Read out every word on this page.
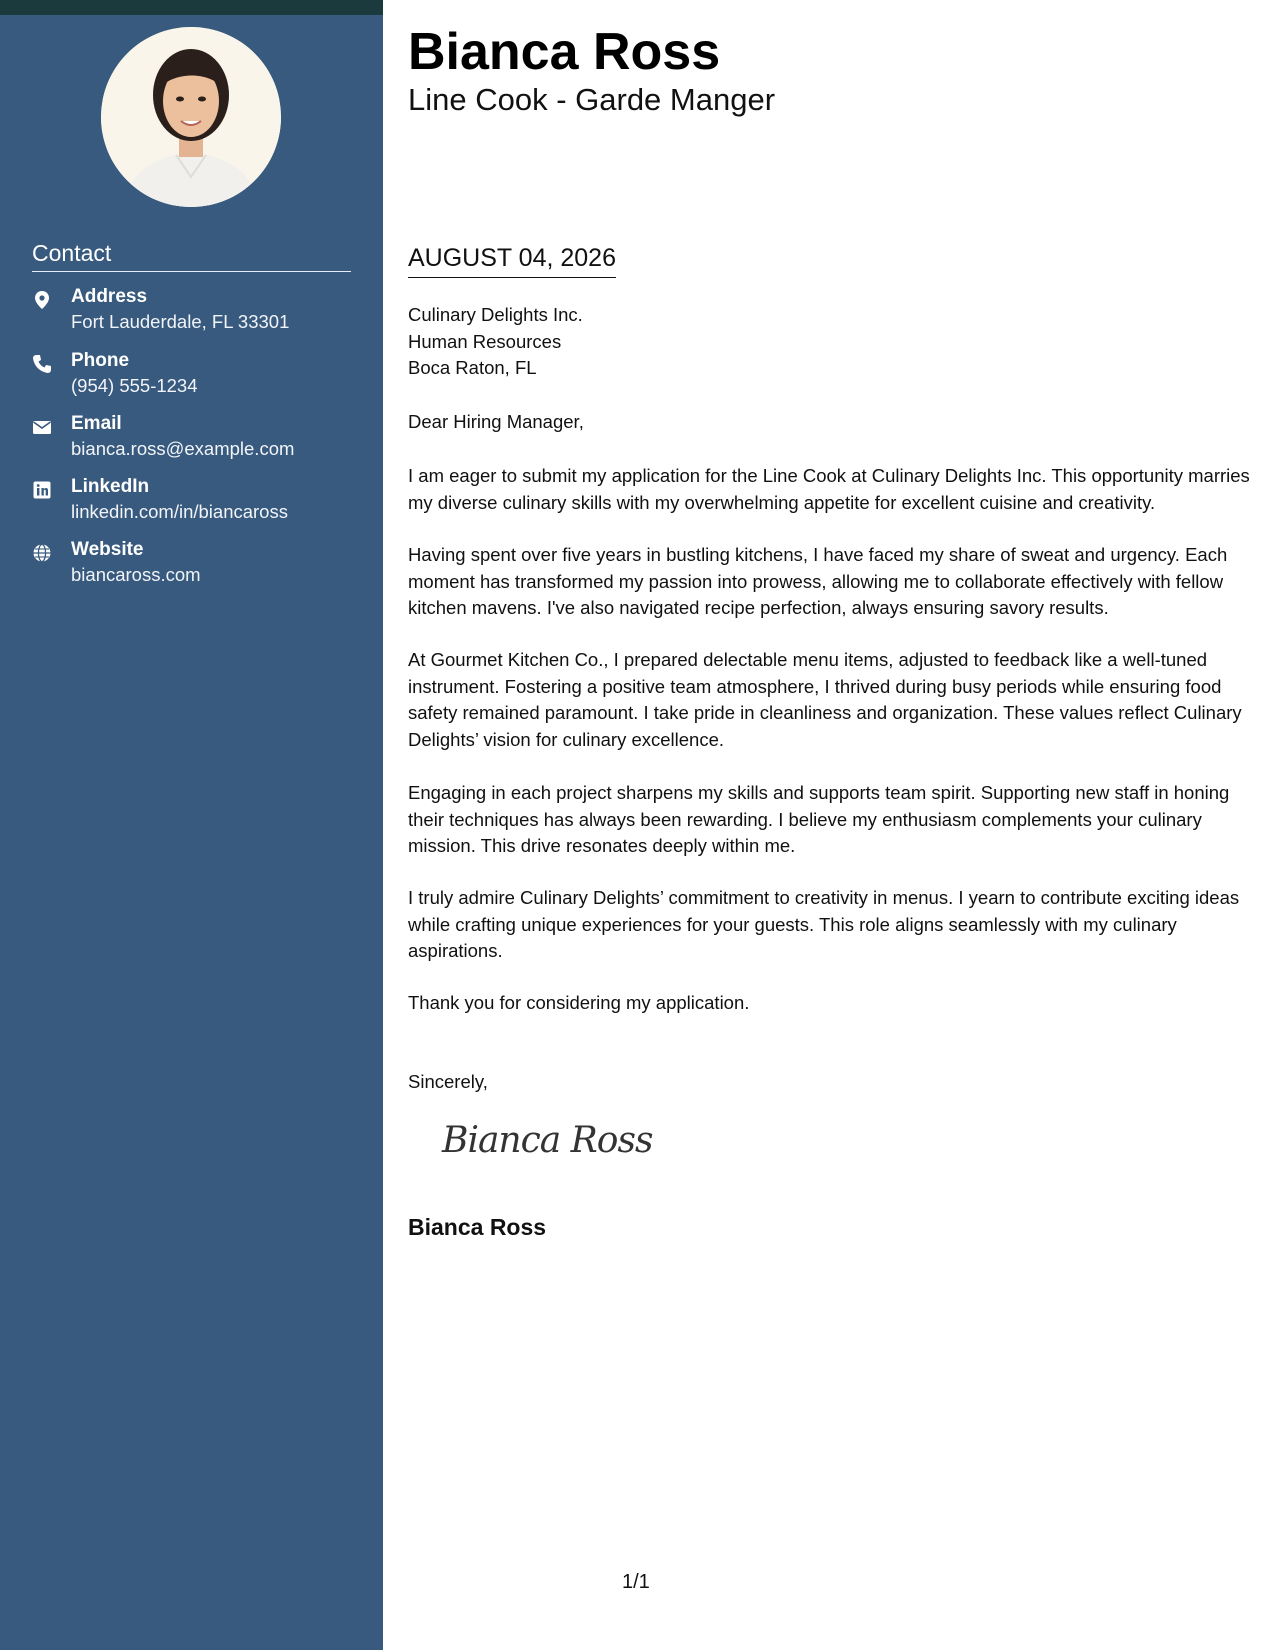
Contact
Address
Fort Lauderdale, FL 33301
Phone
(954) 555-1234
Email
bianca.ross@example.com
LinkedIn
linkedin.com/in/biancaross
Website
biancaross.com
Bianca Ross
Line Cook - Garde Manger
AUGUST 04, 2026
Culinary Delights Inc.
Human Resources
Boca Raton, FL
Dear Hiring Manager,

I am eager to submit my application for the Line Cook at Culinary Delights Inc. This opportunity marries my diverse culinary skills with my overwhelming appetite for excellent cuisine and creativity.

Having spent over five years in bustling kitchens, I have faced my share of sweat and urgency. Each moment has transformed my passion into prowess, allowing me to collaborate effectively with fellow kitchen mavens. I've also navigated recipe perfection, always ensuring savory results.

At Gourmet Kitchen Co., I prepared delectable menu items, adjusted to feedback like a well-tuned instrument. Fostering a positive team atmosphere, I thrived during busy periods while ensuring food safety remained paramount. I take pride in cleanliness and organization. These values reflect Culinary Delights’ vision for culinary excellence.

Engaging in each project sharpens my skills and supports team spirit. Supporting new staff in honing their techniques has always been rewarding. I believe my enthusiasm complements your culinary mission. This drive resonates deeply within me.

I truly admire Culinary Delights’ commitment to creativity in menus. I yearn to contribute exciting ideas while crafting unique experiences for your guests. This role aligns seamlessly with my culinary aspirations.

Thank you for considering my application.

Sincerely,
Bianca Ross
Bianca Ross
1/1
